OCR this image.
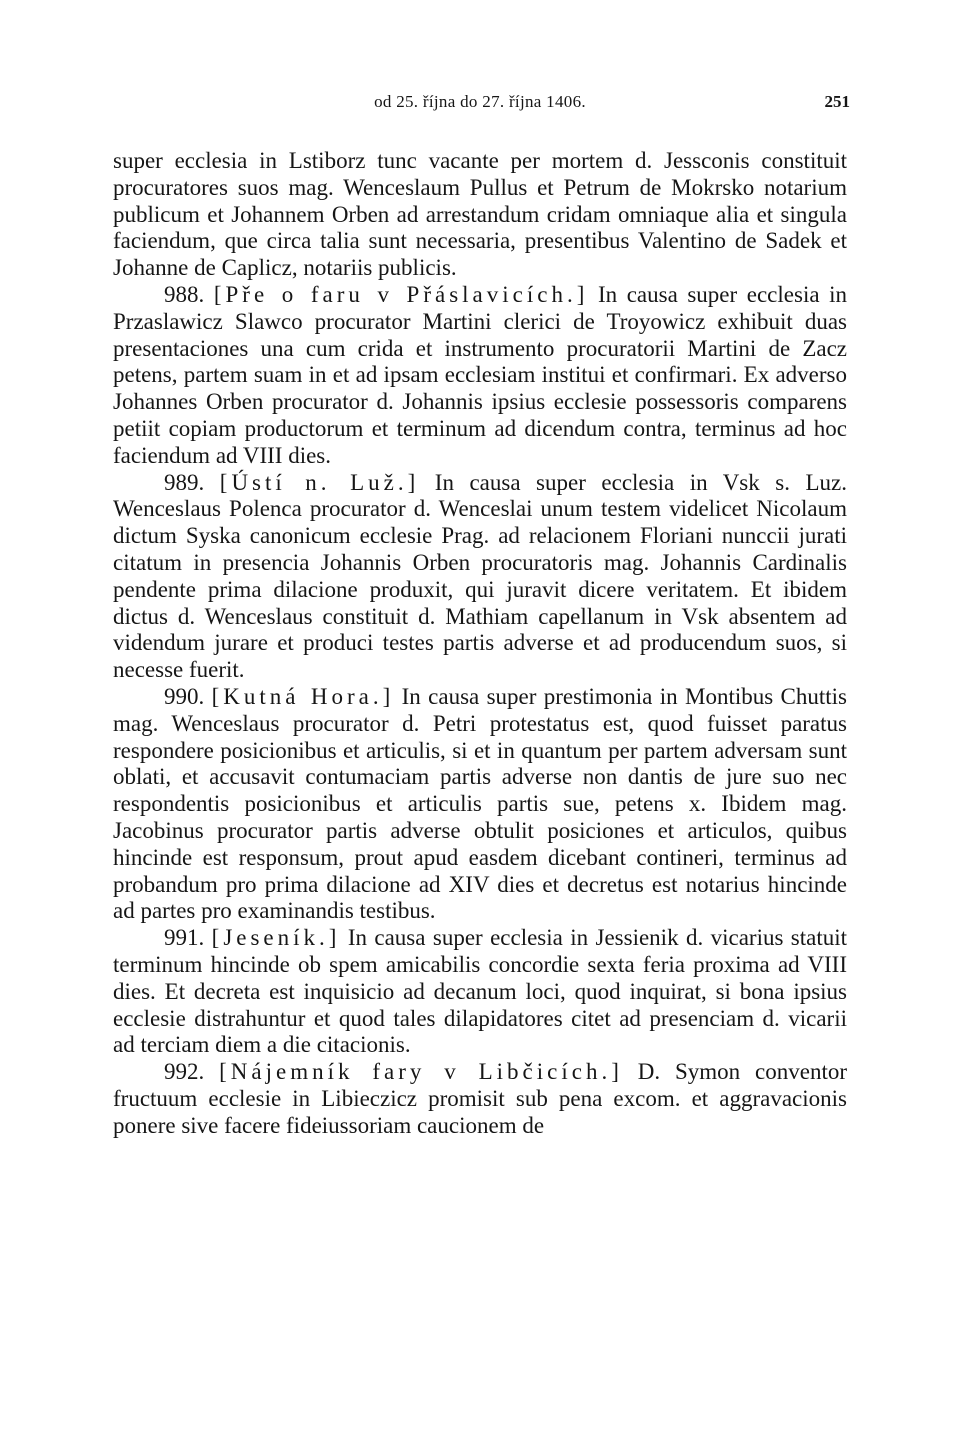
od 25. října do 27. října 1406.	251

super ecclesia in Lstiborz tunc vacante per mortem d. Jessconis constituit procuratores suos mag. Wenceslaum Pullus et Petrum de Mokrsko notarium publicum et Johannem Orben ad arrestandum cridam omniaque alia et singula faciendum, que circa talia sunt necessaria, presentibus Valentino de Sadek et Johanne de Caplicz, notariis publicis.

988. [Pře o faru v Přáslavicích.] In causa super ecclesia in Przaslawicz Slawco procurator Martini clerici de Troyowicz exhibuit duas presentaciones una cum crida et instrumento procuratorii Martini de Zacz petens, partem suam in et ad ipsam ecclesiam institui et confirmari. Ex adverso Johannes Orben procurator d. Johannis ipsius ecclesie possessoris comparens petiit copiam productorum et terminum ad dicendum contra, terminus ad hoc faciendum ad VIII dies.

989. [Ústí n. Luž.] In causa super ecclesia in Vsk s. Luz. Wenceslaus Polenca procurator d. Wenceslai unum testem videlicet Nicolaum dictum Syska canonicum ecclesie Prag. ad relacionem Floriani nunccii jurati citatum in presencia Johannis Orben procuratoris mag. Johannis Cardinalis pendente prima dilacione produxit, qui juravit dicere veritatem. Et ibidem dictus d. Wenceslaus constituit d. Mathiam capellanum in Vsk absentem ad videndum jurare et produci testes partis adverse et ad producendum suos, si necesse fuerit.

990. [Kutná Hora.] In causa super prestimonia in Montibus Chuttis mag. Wenceslaus procurator d. Petri protestatus est, quod fuisset paratus respondere posicionibus et articulis, si et in quantum per partem adversam sunt oblati, et accusavit contumaciam partis adverse non dantis de jure suo nec respondentis posicionibus et articulis partis sue, petens x. Ibidem mag. Jacobinus procurator partis adverse obtulit posiciones et articulos, quibus hincinde est responsum, prout apud easdem dicebant contineri, terminus ad probandum pro prima dilacione ad XIV dies et decretus est notarius hincinde ad partes pro examinandis testibus.

991. [Jeseník.] In causa super ecclesia in Jessienik d. vicarius statuit terminum hincinde ob spem amicabilis concordie sexta feria proxima ad VIII dies. Et decreta est inquisicio ad decanum loci, quod inquirat, si bona ipsius ecclesie distrahuntur et quod tales dilapidatores citet ad presenciam d. vicarii ad terciam diem a die citacionis.

992. [Nájemník fary v Libčicích.] D. Symon conventor fructuum ecclesie in Libieczicz promisit sub pena excom. et aggravacionis ponere sive facere fideiussoriam caucionem de
